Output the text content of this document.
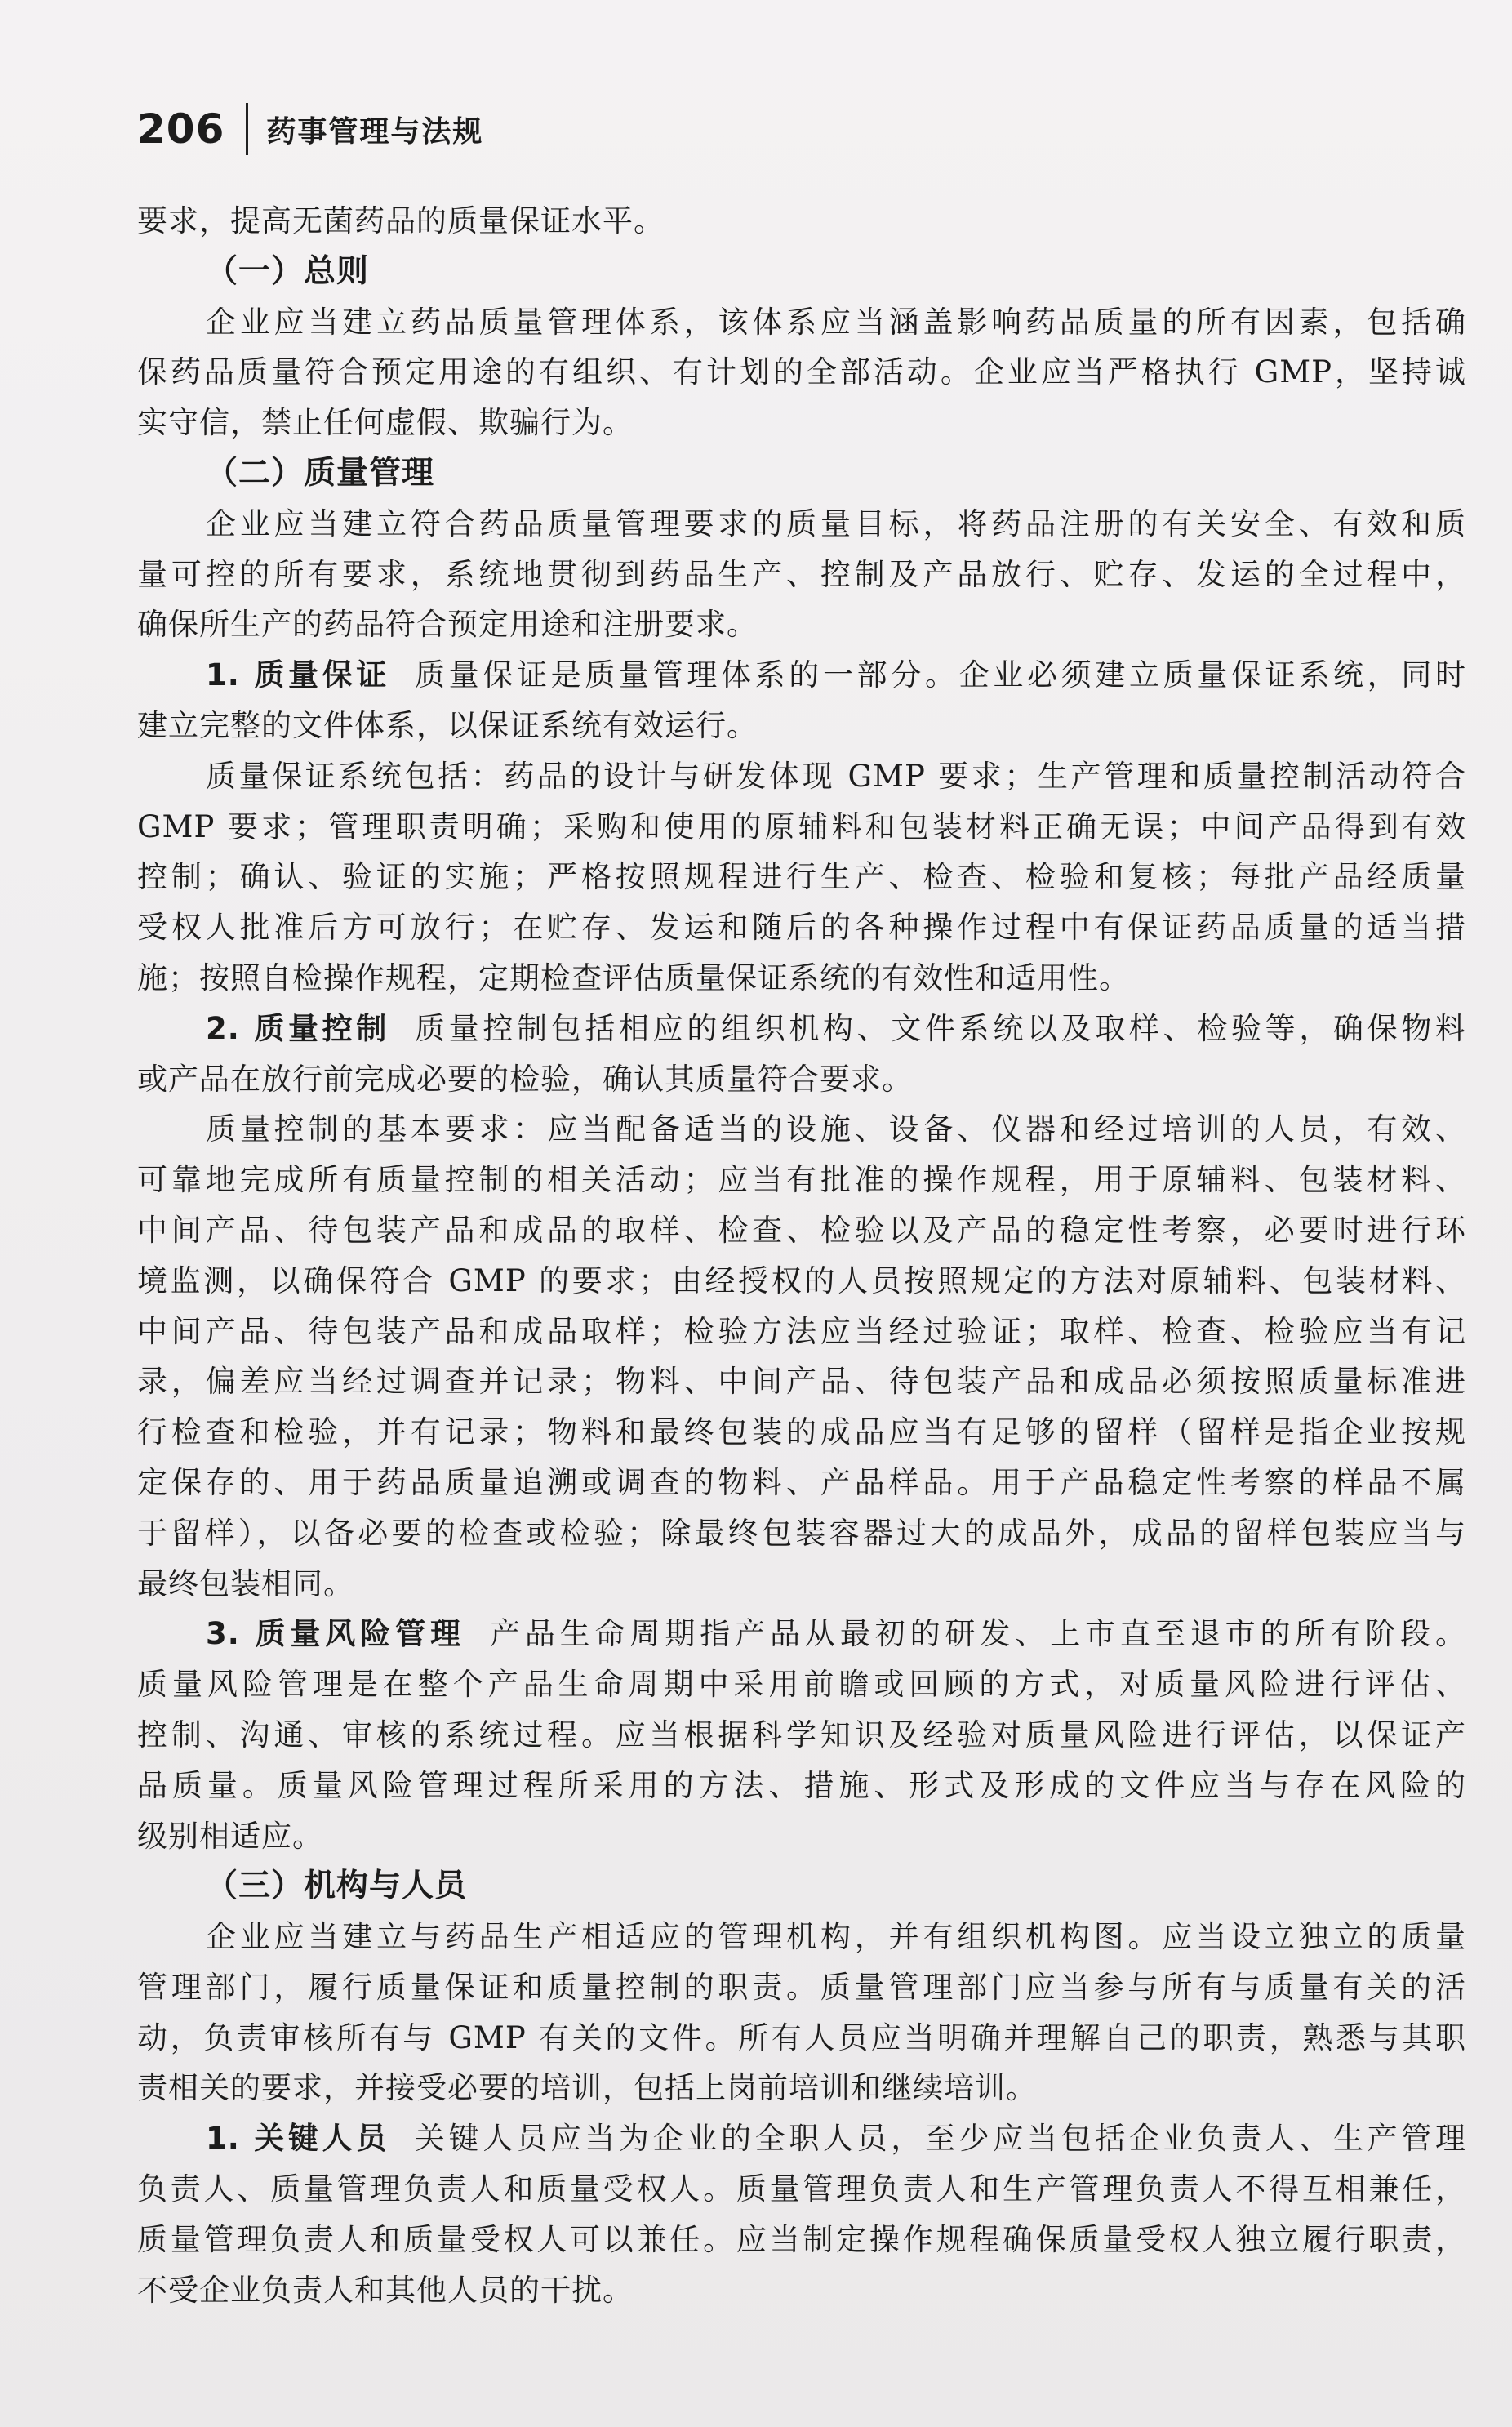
206 药事管理与法规

要求，提高无菌药品的质量保证水平。

（一）总则

企业应当建立药品质量管理体系，该体系应当涵盖影响药品质量的所有因素，包括确

保药品质量符合预定用途的有组织、有计划的全部活动。企业应当严格执行 GMP，坚持诚

实守信，禁止任何虚假、欺骗行为。

（二）质量管理

企业应当建立符合药品质量管理要求的质量目标，将药品注册的有关安全、有效和质

量可控的所有要求，系统地贯彻到药品生产、控制及产品放行、贮存、发运的全过程中，

确保所生产的药品符合预定用途和注册要求。

1. 质量保证 质量保证是质量管理体系的一部分。企业必须建立质量保证系统，同时

建立完整的文件体系，以保证系统有效运行。

质量保证系统包括：药品的设计与研发体现 GMP 要求；生产管理和质量控制活动符合

GMP 要求；管理职责明确；采购和使用的原辅料和包装材料正确无误；中间产品得到有效

控制；确认、验证的实施；严格按照规程进行生产、检查、检验和复核；每批产品经质量

受权人批准后方可放行；在贮存、发运和随后的各种操作过程中有保证药品质量的适当措

施；按照自检操作规程，定期检查评估质量保证系统的有效性和适用性。

2. 质量控制 质量控制包括相应的组织机构、文件系统以及取样、检验等，确保物料

或产品在放行前完成必要的检验，确认其质量符合要求。

质量控制的基本要求：应当配备适当的设施、设备、仪器和经过培训的人员，有效、

可靠地完成所有质量控制的相关活动；应当有批准的操作规程，用于原辅料、包装材料、

中间产品、待包装产品和成品的取样、检查、检验以及产品的稳定性考察，必要时进行环

境监测，以确保符合 GMP 的要求；由经授权的人员按照规定的方法对原辅料、包装材料、

中间产品、待包装产品和成品取样；检验方法应当经过验证；取样、检查、检验应当有记

录，偏差应当经过调查并记录；物料、中间产品、待包装产品和成品必须按照质量标准进

行检查和检验，并有记录；物料和最终包装的成品应当有足够的留样（留样是指企业按规

定保存的、用于药品质量追溯或调查的物料、产品样品。用于产品稳定性考察的样品不属

于留样），以备必要的检查或检验；除最终包装容器过大的成品外，成品的留样包装应当与

最终包装相同。

3. 质量风险管理 产品生命周期指产品从最初的研发、上市直至退市的所有阶段。

质量风险管理是在整个产品生命周期中采用前瞻或回顾的方式，对质量风险进行评估、

控制、沟通、审核的系统过程。应当根据科学知识及经验对质量风险进行评估，以保证产

品质量。质量风险管理过程所采用的方法、措施、形式及形成的文件应当与存在风险的

级别相适应。

（三）机构与人员

企业应当建立与药品生产相适应的管理机构，并有组织机构图。应当设立独立的质量

管理部门，履行质量保证和质量控制的职责。质量管理部门应当参与所有与质量有关的活

动，负责审核所有与 GMP 有关的文件。所有人员应当明确并理解自己的职责，熟悉与其职

责相关的要求，并接受必要的培训，包括上岗前培训和继续培训。

1. 关键人员 关键人员应当为企业的全职人员，至少应当包括企业负责人、生产管理

负责人、质量管理负责人和质量受权人。质量管理负责人和生产管理负责人不得互相兼任，

质量管理负责人和质量受权人可以兼任。应当制定操作规程确保质量受权人独立履行职责，

不受企业负责人和其他人员的干扰。
